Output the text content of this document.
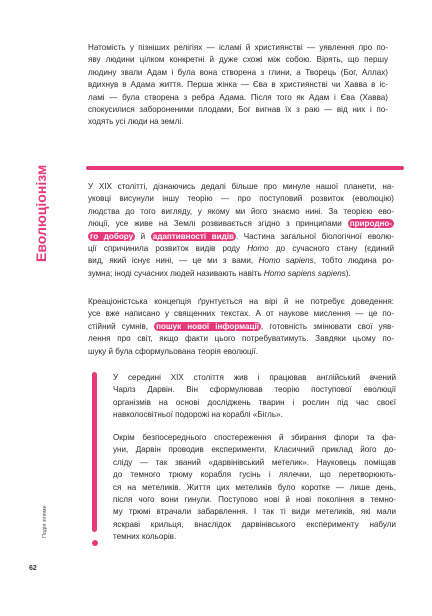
Натомість у пізніших релігіях — ісламі й християнстві — уявлення про по-
яву людини цілком конкретні й дуже схожі між собою. Вірять, що першу
людину звали Адам і була вона створена з глини, а Творець (Бог, Аллах)
вдихнув в Адама життя. Перша жінка — Єва в християнстві чи Хавва в іс-
ламі — була створена з ребра Адама. Після того як Адам і Єва (Хавва)
спокусилися забороненими плодами, Бог вигнав їх з раю — від них і по-
ходять усі люди на землі.
Еволюціонізм	У XIX столітті, дізнаючись дедалі більше про минуле нашої планети, на-
уковці висунули іншу теорію — про поступовий розвиток (еволюцію)
людства до того вигляду, у якому ми його знаємо нині. За теорією ево-
люції, усе живе на Землі розвивається згідно з принципами природно-
го добору й адаптивності видів . Частина загальної біологічної еволю-
ції спричинила розвиток видів роду Homo до сучасного стану (єдиний
вид, який існує нині, — це ми з вами, Homo sapiens, тобто людина ро-
зумна; іноді сучасних людей називають навіть Homo sapiens sapiens).
Креаціоністська концепція ґрунтується на вірі й не потребує доведення:
усе вже написано у священних текстах. А от наукове мислення — це по-
стійний сумнів, пошук нової інформації , готовність змінювати свої уяв-
лення про світ, якщо факти цього потребуватимуть. Завдяки цьому по-
шуку й була сформульована теорія еволюції.
У середині XIX століття жив і працював англійський вчений
Чарлз Дарвін. Він сформулював теорію поступової еволюції
організмів на основі досліджень тварин і рослин під час своєї
навколосвітньої подорожі на кораблі «Бігль».
Окрім безпосереднього спостереження й збирання флори та фа-
уни, Дарвін проводив експерименти. Класичний приклад його до-
сліду — так званий «дарвінівський метелик». Науковець поміщав
до темного трюму корабля гусінь і лялечки, що перетворюють-
ся на метеликів. Життя цих метеликів було коротке — лише день,
після чого вони гинули. Поступово нові й нові покоління в темно-
му трюмі втрачали забарвлення. І так ті види метеликів, які мали
яскраві крильця, внаслідок дарвінівського експерименту набули
темних кольорів.
Подія зілями
62
